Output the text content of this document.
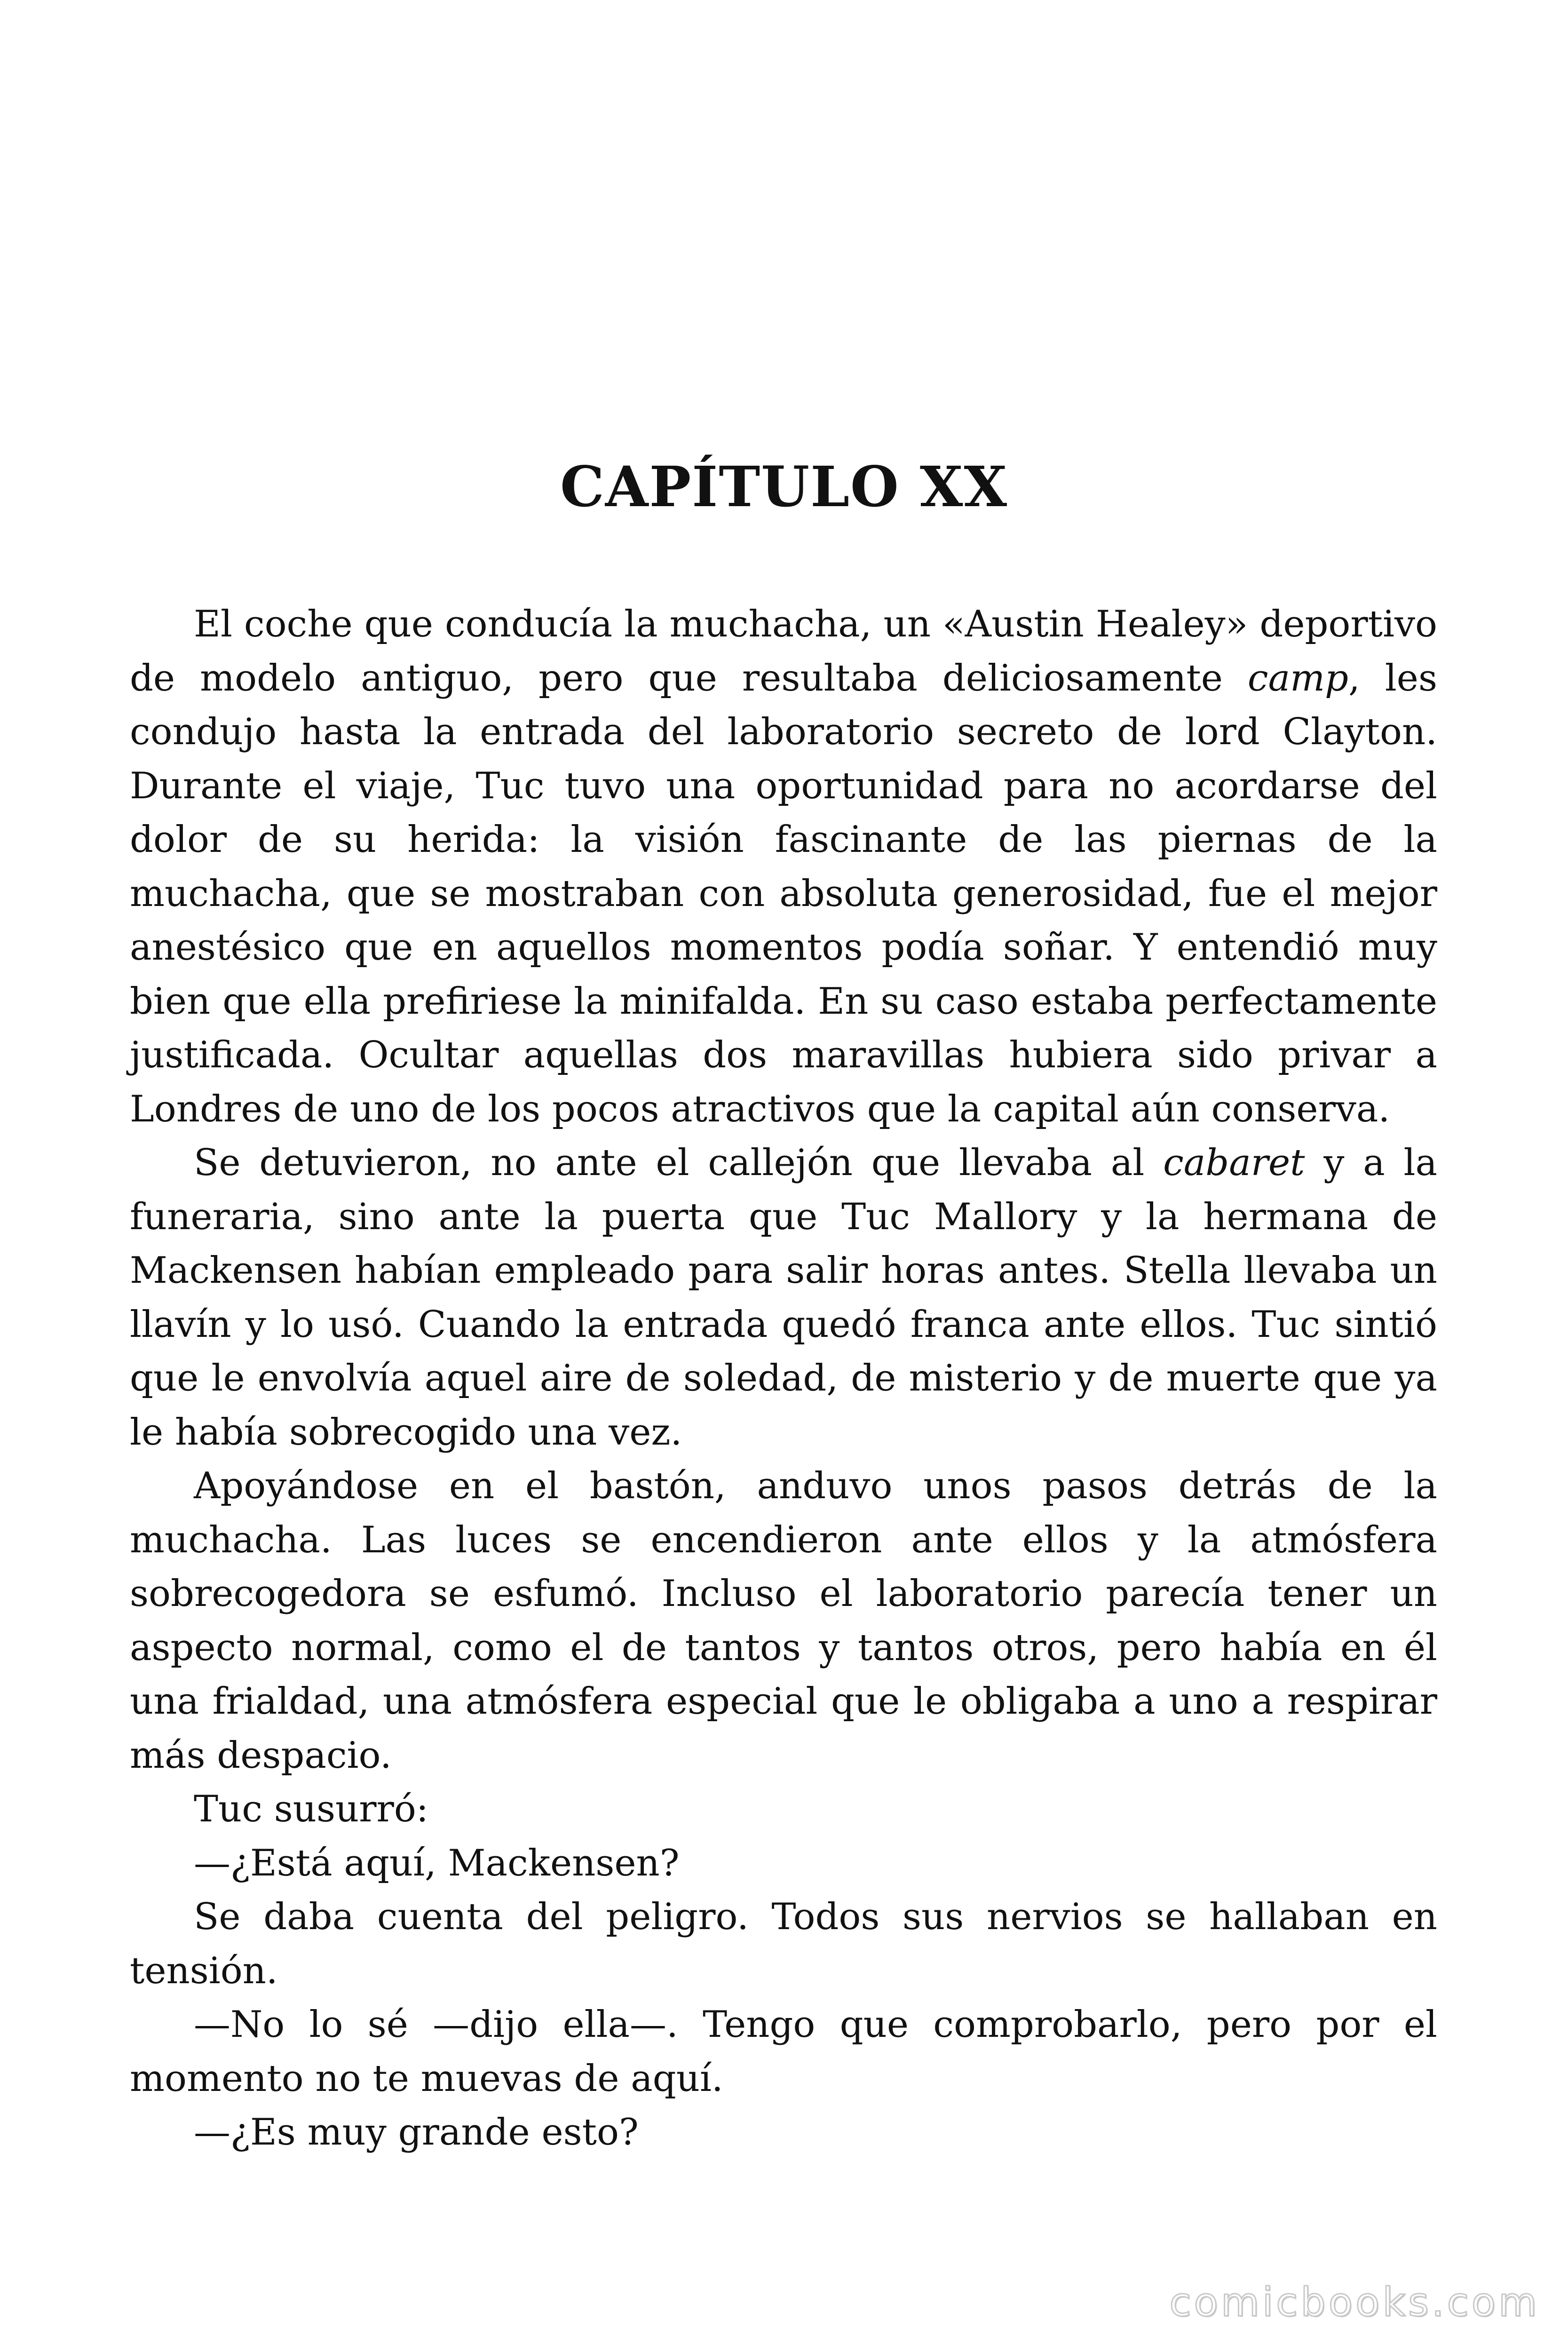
CAPÍTULO XX

El coche que conducía la muchacha, un «Austin Healey» deportivo de modelo antiguo, pero que resultaba deliciosamente camp, les condujo hasta la entrada del laboratorio secreto de lord Clayton. Durante el viaje, Tuc tuvo una oportunidad para no acordarse del dolor de su herida: la visión fascinante de las piernas de la muchacha, que se mostraban con absoluta generosidad, fue el mejor anestésico que en aquellos momentos podía soñar. Y entendió muy bien que ella prefiriese la minifalda. En su caso estaba perfectamente justificada. Ocultar aquellas dos maravillas hubiera sido privar a Londres de uno de los pocos atractivos que la capital aún conserva.

Se detuvieron, no ante el callejón que llevaba al cabaret y a la funeraria, sino ante la puerta que Tuc Mallory y la hermana de Mackensen habían empleado para salir horas antes. Stella llevaba un llavín y lo usó. Cuando la entrada quedó franca ante ellos. Tuc sintió que le envolvía aquel aire de soledad, de misterio y de muerte que ya le había sobrecogido una vez.

Apoyándose en el bastón, anduvo unos pasos detrás de la muchacha. Las luces se encendieron ante ellos y la atmósfera sobrecogedora se esfumó. Incluso el laboratorio parecía tener un aspecto normal, como el de tantos y tantos otros, pero había en él una frialdad, una atmósfera especial que le obligaba a uno a respirar más despacio.

Tuc susurró:

—¿Está aquí, Mackensen?

Se daba cuenta del peligro. Todos sus nervios se hallaban en tensión.

—No lo sé —dijo ella—. Tengo que comprobarlo, pero por el momento no te muevas de aquí.

—¿Es muy grande esto?

comicbooks.com
